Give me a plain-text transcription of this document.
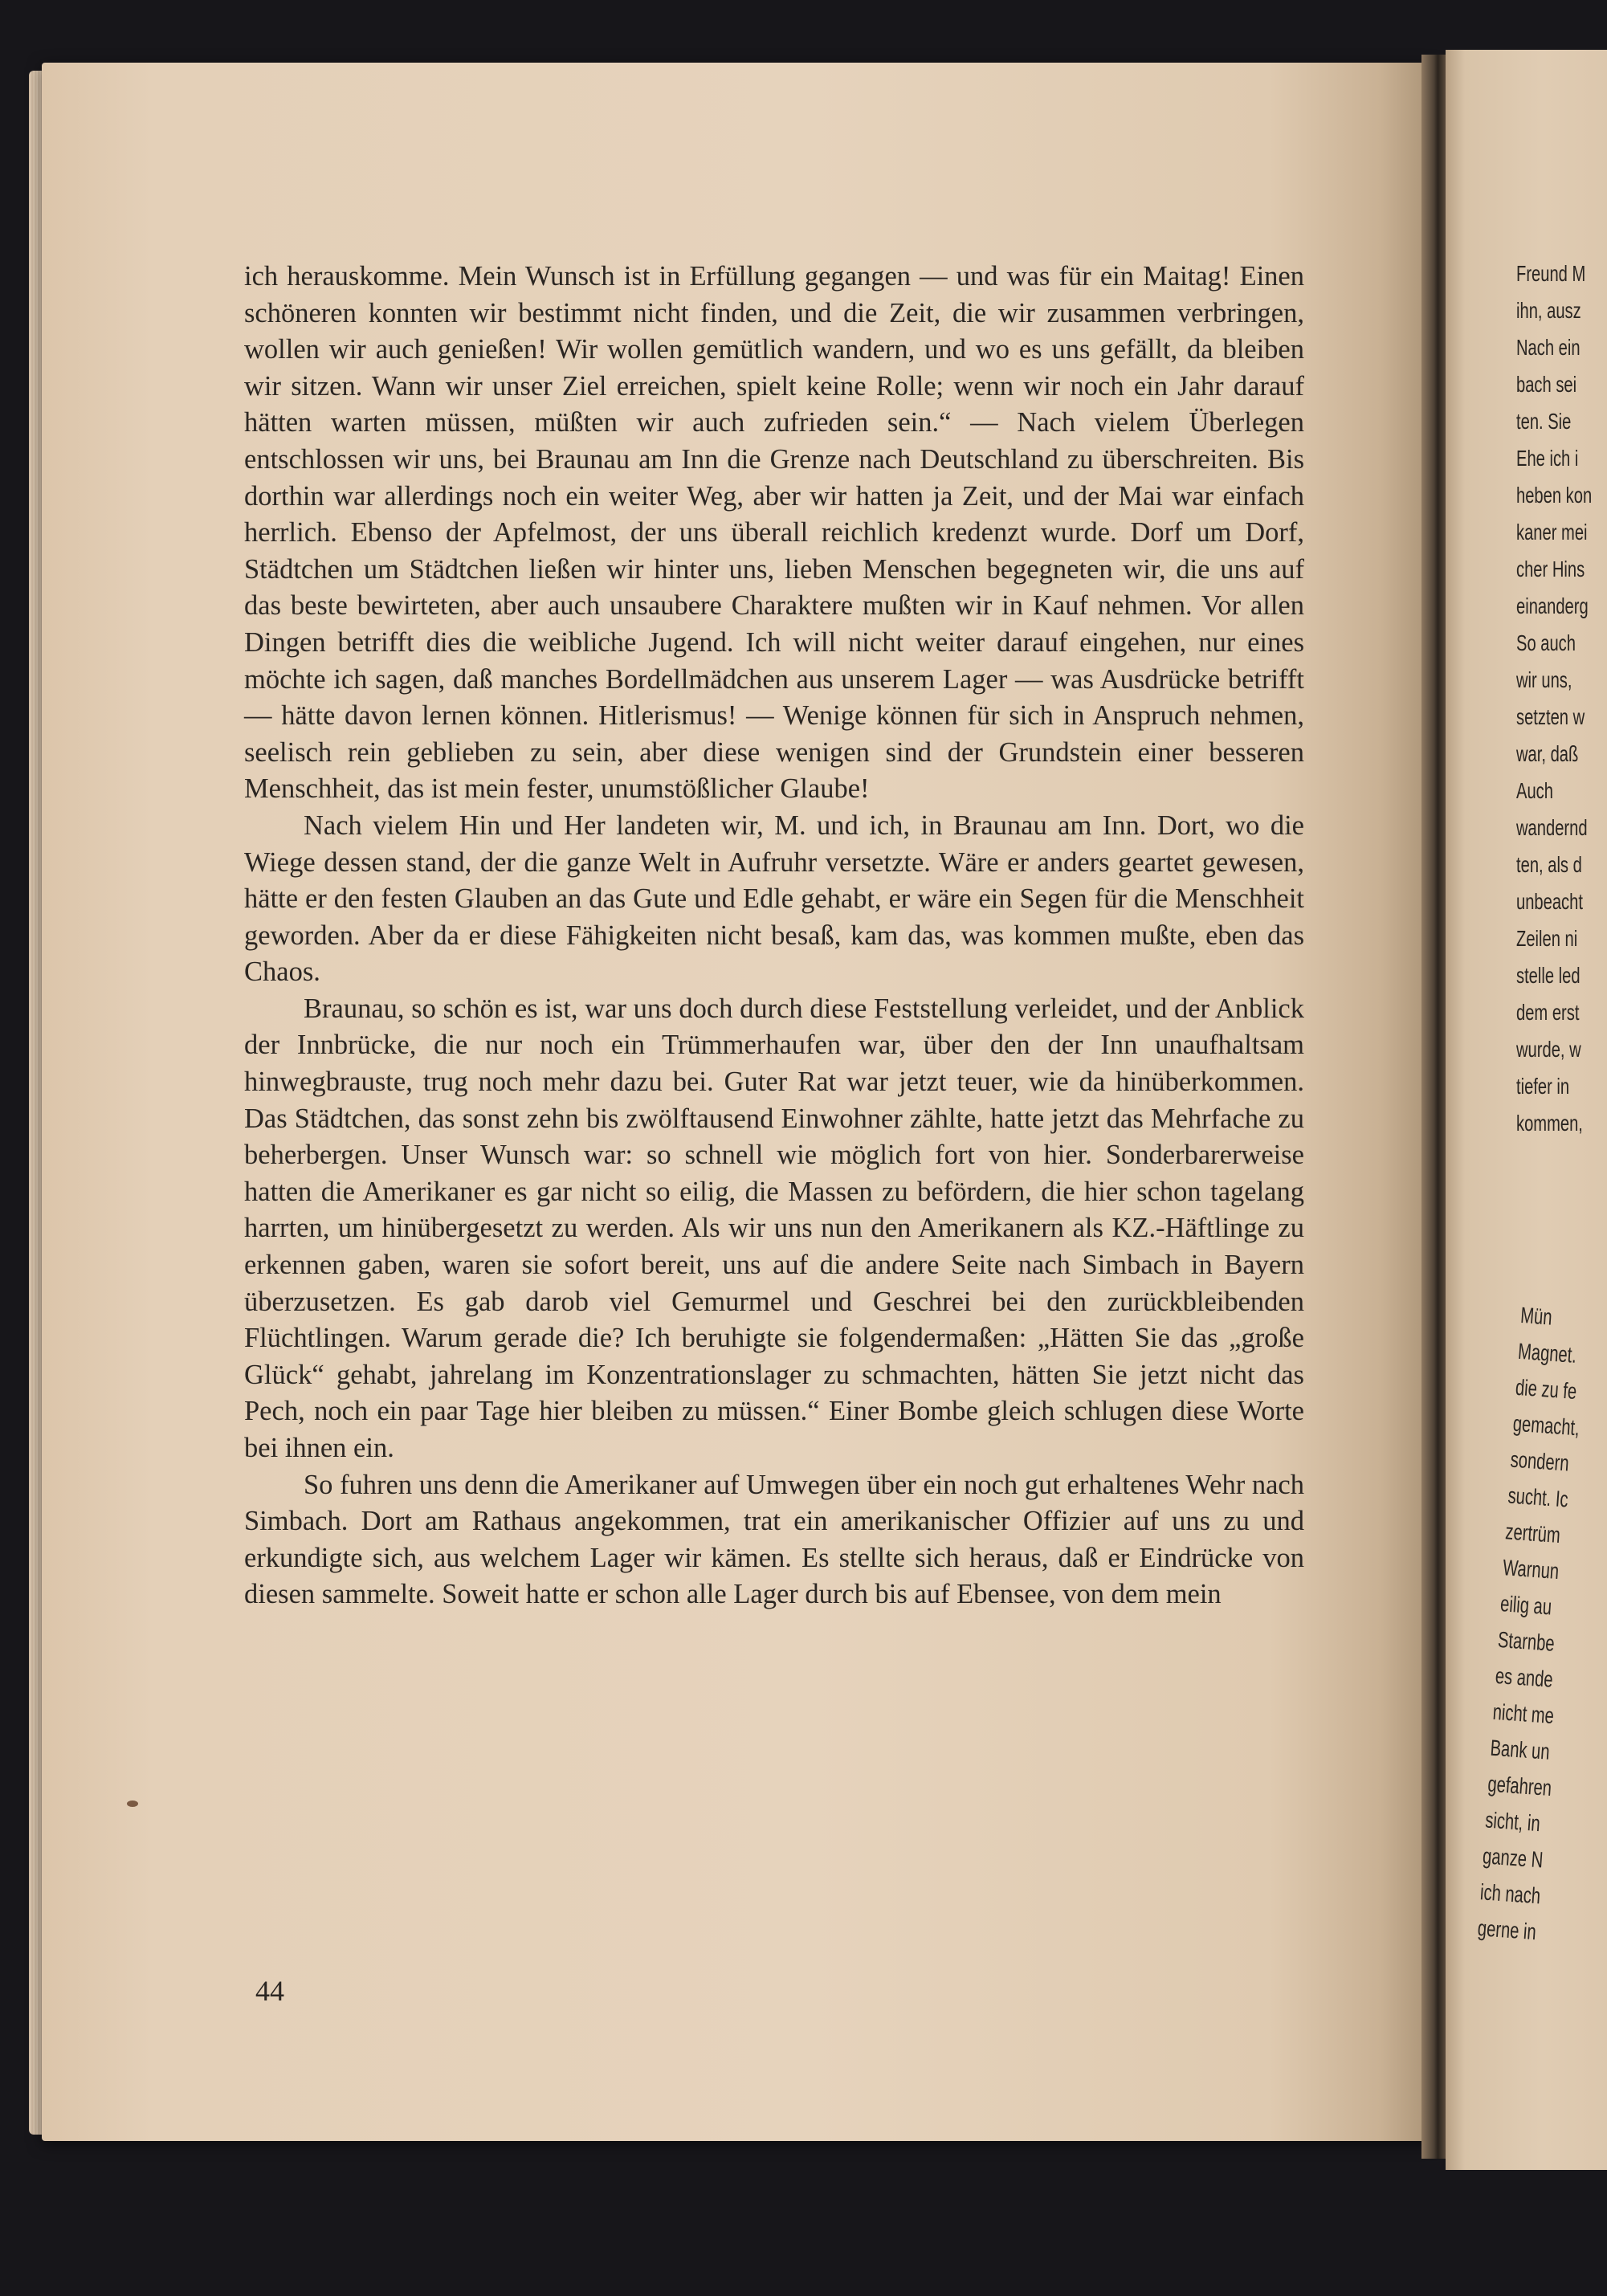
ich herauskomme. Mein Wunsch ist in Erfüllung gegangen — und was für ein Maitag! Einen schöneren konnten wir bestimmt nicht finden, und die Zeit, die wir zusammen verbringen, wollen wir auch genießen! Wir wollen gemütlich wandern, und wo es uns gefällt, da bleiben wir sitzen. Wann wir unser Ziel erreichen, spielt keine Rolle; wenn wir noch ein Jahr darauf hätten warten müssen, müßten wir auch zufrieden sein.“ — Nach vielem Überlegen entschlossen wir uns, bei Braunau am Inn die Grenze nach Deutschland zu überschreiten. Bis dorthin war allerdings noch ein weiter Weg, aber wir hatten ja Zeit, und der Mai war einfach herrlich. Ebenso der Apfelmost, der uns überall reichlich kredenzt wurde. Dorf um Dorf, Städtchen um Städtchen ließen wir hinter uns, lieben Menschen begegneten wir, die uns auf das beste bewirteten, aber auch unsaubere Charaktere mußten wir in Kauf nehmen. Vor allen Dingen betrifft dies die weibliche Jugend. Ich will nicht weiter darauf eingehen, nur eines möchte ich sagen, daß manches Bordellmädchen aus unserem Lager — was Ausdrücke betrifft — hätte davon lernen können. Hitlerismus! — Wenige können für sich in Anspruch nehmen, seelisch rein geblieben zu sein, aber diese wenigen sind der Grundstein einer besseren Menschheit, das ist mein fester, unumstößlicher Glaube!

Nach vielem Hin und Her landeten wir, M. und ich, in Braunau am Inn. Dort, wo die Wiege dessen stand, der die ganze Welt in Aufruhr versetzte. Wäre er anders geartet gewesen, hätte er den festen Glauben an das Gute und Edle gehabt, er wäre ein Segen für die Menschheit geworden. Aber da er diese Fähigkeiten nicht besaß, kam das, was kommen mußte, eben das Chaos.

Braunau, so schön es ist, war uns doch durch diese Feststellung verleidet, und der Anblick der Innbrücke, die nur noch ein Trümmerhaufen war, über den der Inn unaufhaltsam hinwegbrauste, trug noch mehr dazu bei. Guter Rat war jetzt teuer, wie da hinüberkommen. Das Städtchen, das sonst zehn bis zwölftausend Einwohner zählte, hatte jetzt das Mehrfache zu beherbergen. Unser Wunsch war: so schnell wie möglich fort von hier. Sonderbarerweise hatten die Amerikaner es gar nicht so eilig, die Massen zu befördern, die hier schon tagelang harrten, um hinübergesetzt zu werden. Als wir uns nun den Amerikanern als KZ.-Häftlinge zu erkennen gaben, waren sie sofort bereit, uns auf die andere Seite nach Simbach in Bayern überzusetzen. Es gab darob viel Gemurmel und Geschrei bei den zurückbleibenden Flüchtlingen. Warum gerade die? Ich beruhigte sie folgendermaßen: „Hätten Sie das „große Glück“ gehabt, jahrelang im Konzentrationslager zu schmachten, hätten Sie jetzt nicht das Pech, noch ein paar Tage hier bleiben zu müssen.“ Einer Bombe gleich schlugen diese Worte bei ihnen ein.

So fuhren uns denn die Amerikaner auf Umwegen über ein noch gut erhaltenes Wehr nach Simbach. Dort am Rathaus angekommen, trat ein amerikanischer Offizier auf uns zu und erkundigte sich, aus welchem Lager wir kämen. Es stellte sich heraus, daß er Eindrücke von diesen sammelte. Soweit hatte er schon alle Lager durch bis auf Ebensee, von dem mein

44
Freund M
ihn, ausz
Nach ein
bach sei
ten. Sie
Ehe ich i
heben kon
kaner mei
cher Hins
einanderg
So auch
wir uns,
setzten w
war, daß
Auch
wandernd
ten, als d
unbeacht
Zeilen ni
stelle led
dem erst
wurde, w
tiefer in
kommen,
Mün
Magnet.
die zu fe
gemacht,
sondern
sucht. Ic
zertrüm
Warnun
eilig au
Starnbe
es ande
nicht me
Bank un
gefahren
sicht, in
ganze N
ich nach
gerne in
